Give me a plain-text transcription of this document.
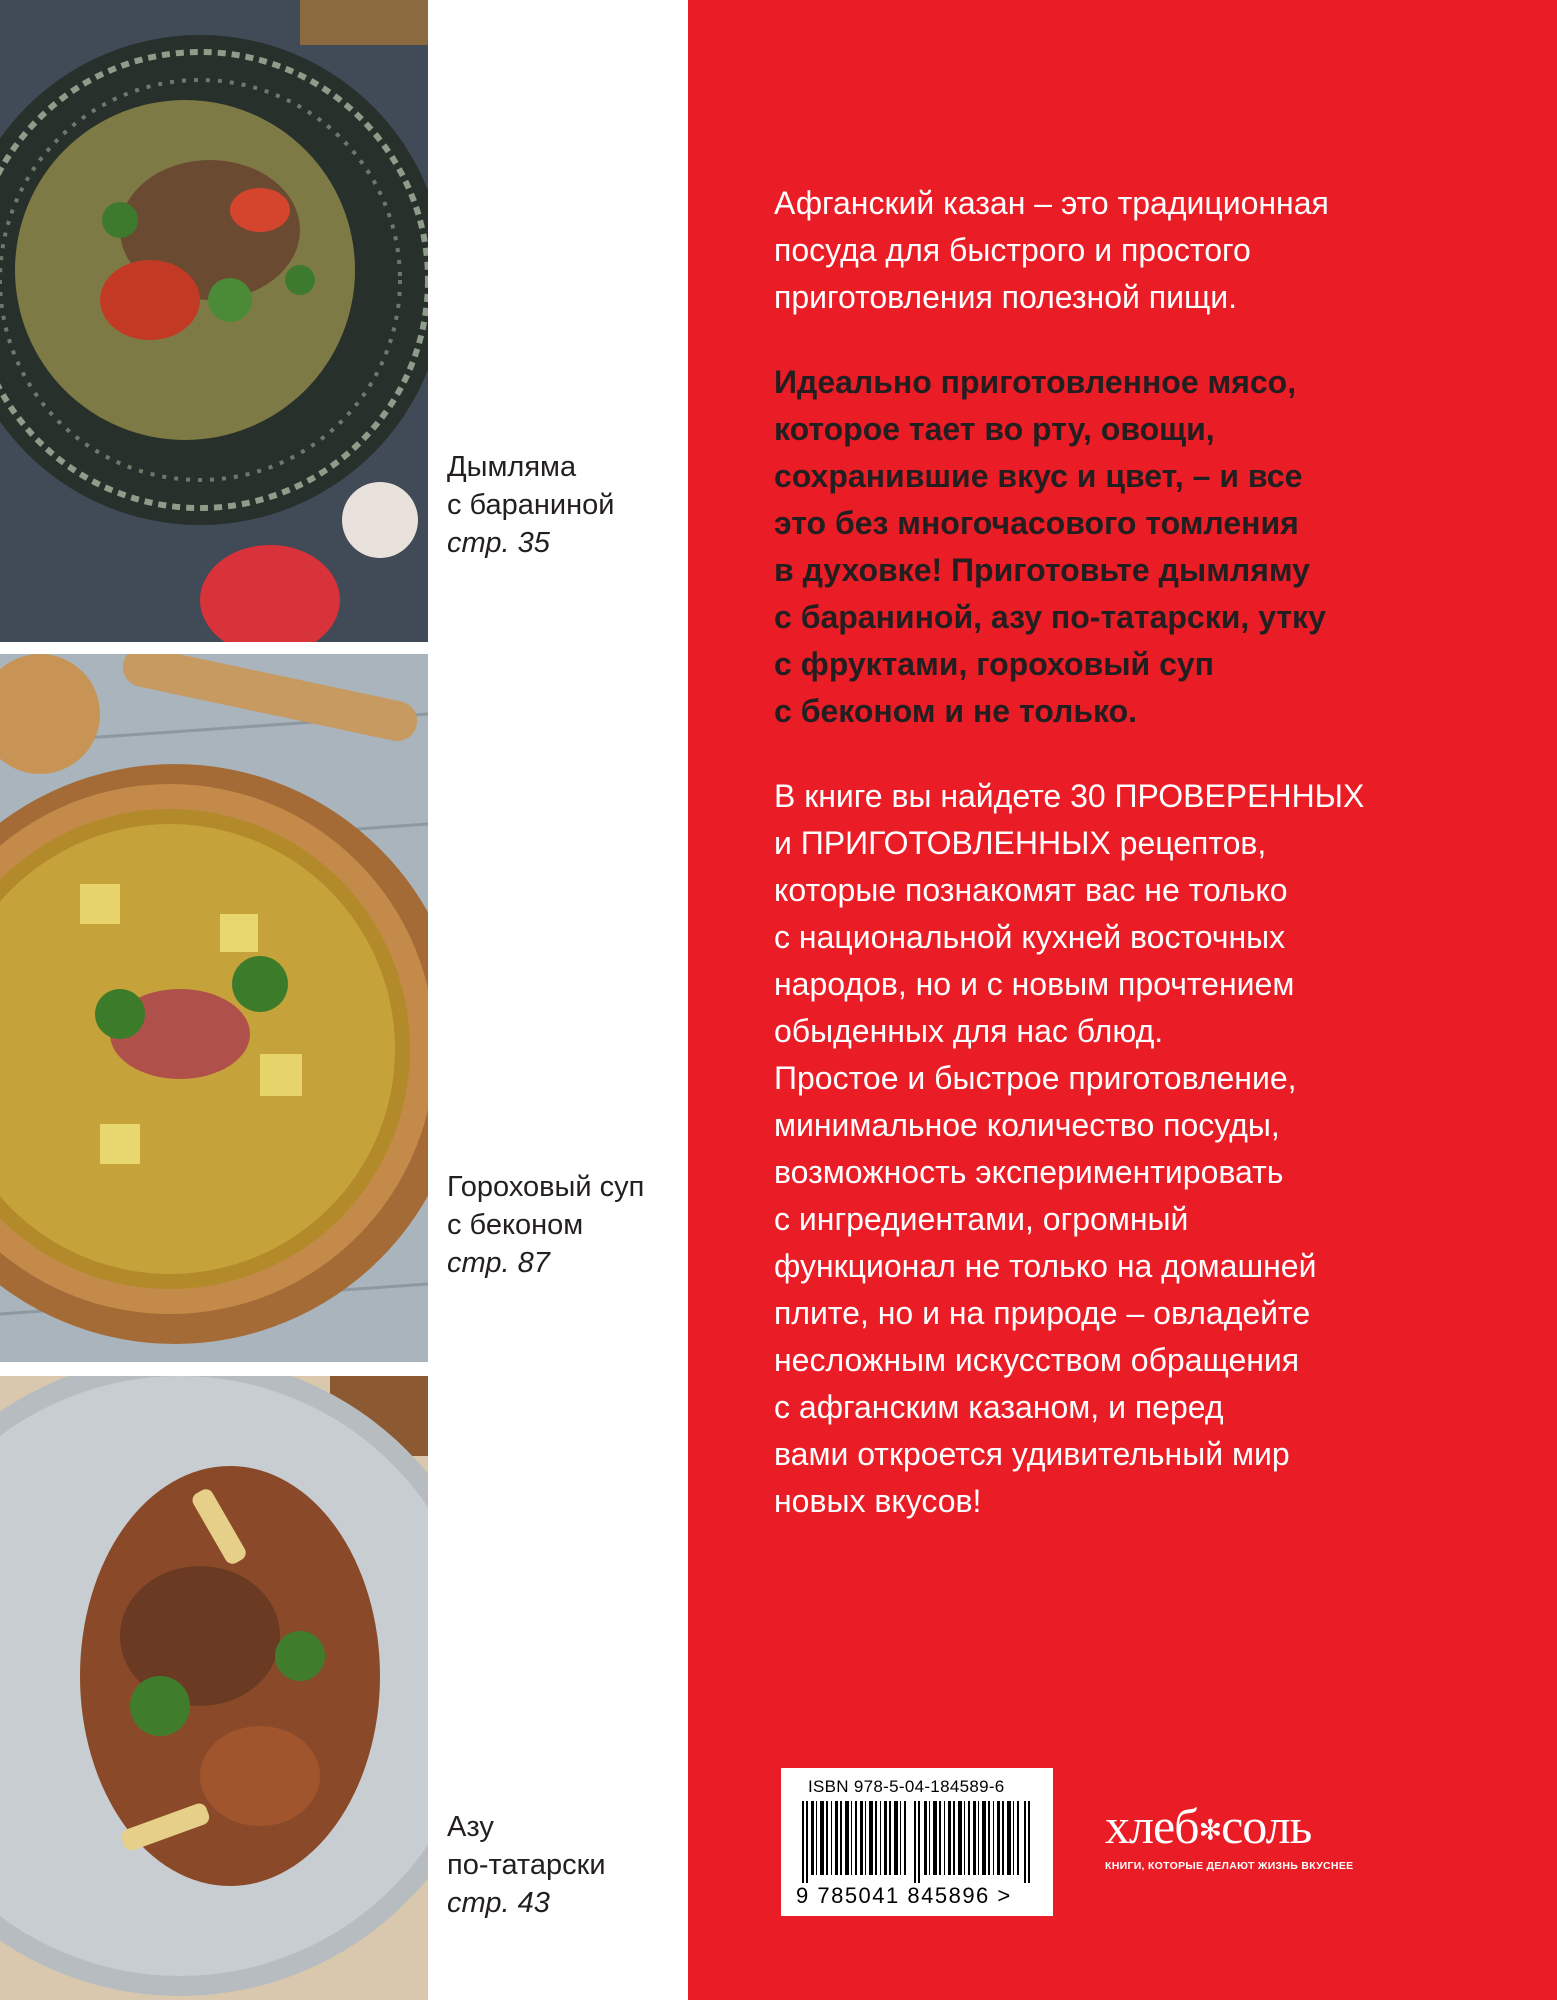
Дымляма
с бараниной
стр. 35
Гороховый суп
с беконом
стр. 87
Азу
по-татарски
стр. 43

Афганский казан – это традиционная
посуда для быстрого и простого
приготовления полезной пищи.

Идеально приготовленное мясо,
которое тает во рту, овощи,
сохранившие вкус и цвет, – и все
это без многочасового томления
в духовке! Приготовьте дымляму
с бараниной, азу по-татарски, утку
с фруктами, гороховый суп
с беконом и не только.

В книге вы найдете 30 ПРОВЕРЕННЫХ
и ПРИГОТОВЛЕННЫХ рецептов,
которые познакомят вас не только
с национальной кухней восточных
народов, но и с новым прочтением
обыденных для нас блюд.
Простое и быстрое приготовление,
минимальное количество посуды,
возможность экспериментировать
с ингредиентами, огромный
функционал не только на домашней
плите, но и на природе – овладейте
несложным искусством обращения
с афганским казаном, и перед
вами откроется удивительный мир
новых вкусов!

ISBN 978-5-04-184589-6
9 785041 845896 >
хлеб✻соль
КНИГИ, КОТОРЫЕ ДЕЛАЮТ ЖИЗНЬ ВКУСНЕЕ
